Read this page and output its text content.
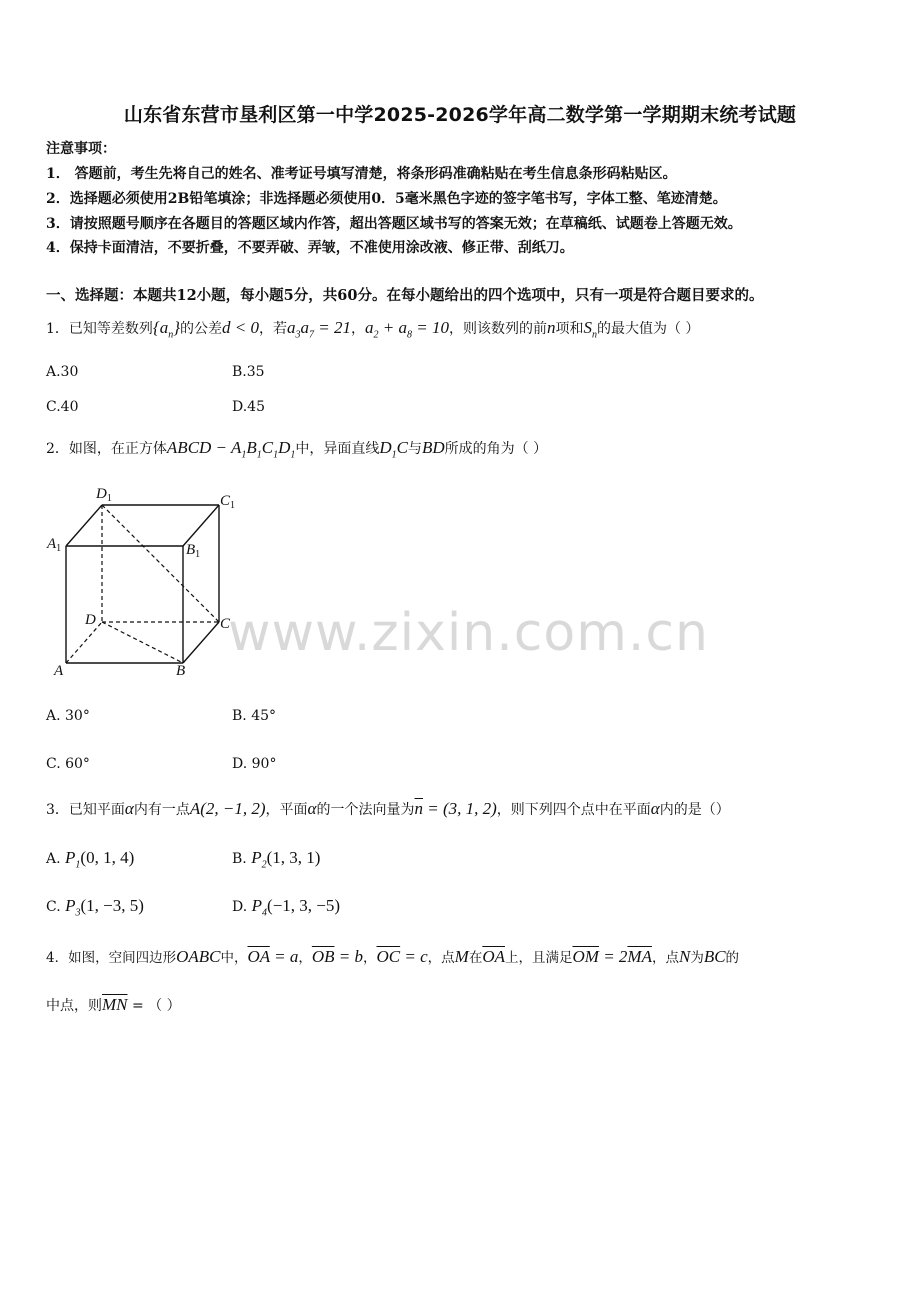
山东省东营市垦利区第一中学2025-2026学年高二数学第一学期期末统考试题
注意事项：
1． 答题前，考生先将自己的姓名、准考证号填写清楚，将条形码准确粘贴在考生信息条形码粘贴区。
2．选择题必须使用2B铅笔填涂；非选择题必须使用0．5毫米黑色字迹的签字笔书写，字体工整、笔迹清楚。
3．请按照题号顺序在各题目的答题区域内作答，超出答题区域书写的答案无效；在草稿纸、试题卷上答题无效。
4．保持卡面清洁，不要折叠，不要弄破、弄皱，不准使用涂改液、修正带、刮纸刀。
一、选择题：本题共12小题，每小题5分，共60分。在每小题给出的四个选项中，只有一项是符合题目要求的。
1．已知等差数列$\{a_n\}$的公差d < 0，若$a_3a_7 = 21$，$a_2 + a_8 = 10$，则该数列的前n项和$S_n$的最大值为（ ）
A.30	B.35
C.40	D.45
2．如图，在正方体ABCD − $A_1B_1C_1D_1$中，异面直线$D_1C$与BD所成的角为（ ）
www.zixin.com.cn
$D_1$	$C_1$
$A_1$	$B_1$
D	C
A	B
A. 30°	B. 45°
C. 60°	D. 90°
3．已知平面α内有一点A(2, −1, 2)，平面α的一个法向量为$\overline{n} = (3$, 1, 2)，则下列四个点中在平面α内的是（）
A. $P_1(0$, 1, 4)	B. $P_2(1$, 3, 1)
C. $P_3(1$, −3, 5)	D. $P_4(-1$, 3, −5)
4．如图，空间四边形OABC中，$\overline{OA} = a$，$\overline{OB} = b$，$\overline{OC} = c$，点M在$\overline{OA}$上，且满足$\overline{OM} = 2\overline{MA}$，点N为BC的
中点，则$\overline{MN}$ = （ ）
